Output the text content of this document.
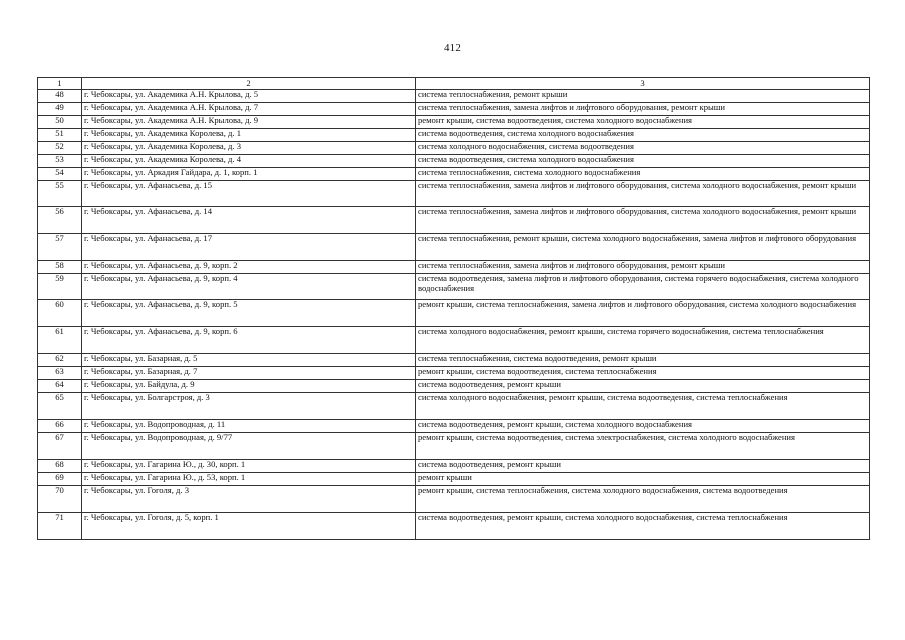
412
1	2	3
48	г. Чебоксары, ул. Академика А.Н. Крылова, д. 5	система теплоснабжения, ремонт крыши
49	г. Чебоксары, ул. Академика А.Н. Крылова, д. 7	система теплоснабжения, замена лифтов и лифтового оборудования, ремонт крыши
50	г. Чебоксары, ул. Академика А.Н. Крылова, д. 9	ремонт крыши, система водоотведения, система холодного водоснабжения
51	г. Чебоксары, ул. Академика Королева, д. 1	система водоотведения, система холодного водоснабжения
52	г. Чебоксары, ул. Академика Королева, д. 3	система холодного водоснабжения, система водоотведения
53	г. Чебоксары, ул. Академика Королева, д. 4	система водоотведения, система холодного водоснабжения
54	г. Чебоксары, ул. Аркадия Гайдара, д. 1, корп. 1	система теплоснабжения, система холодного водоснабжения
55	г. Чебоксары, ул. Афанасьева, д. 15	система теплоснабжения, замена лифтов и лифтового оборудования, система холодного водоснабжения, ремонт крыши
56	г. Чебоксары, ул. Афанасьева, д. 14	система теплоснабжения, замена лифтов и лифтового оборудования, система холодного водоснабжения, ремонт крыши
57	г. Чебоксары, ул. Афанасьева, д. 17	система теплоснабжения, ремонт крыши, система холодного водоснабжения, замена лифтов и лифтового оборудования
58	г. Чебоксары, ул. Афанасьева, д. 9, корп. 2	система теплоснабжения, замена лифтов и лифтового оборудования, ремонт крыши
59	г. Чебоксары, ул. Афанасьева, д. 9, корп. 4	система водоотведения, замена лифтов и лифтового оборудования, система горячего водоснабжения, система холодного водоснабжения
60	г. Чебоксары, ул. Афанасьева, д. 9, корп. 5	ремонт крыши, система теплоснабжения, замена лифтов и лифтового оборудования, система холодного водоснабжения
61	г. Чебоксары, ул. Афанасьева, д. 9, корп. 6	система холодного водоснабжения, ремонт крыши, система горячего водоснабжения, система теплоснабжения
62	г. Чебоксары, ул. Базарная, д. 5	система теплоснабжения, система водоотведения, ремонт крыши
63	г. Чебоксары, ул. Базарная, д. 7	ремонт крыши, система водоотведения, система теплоснабжения
64	г. Чебоксары, ул. Байдула, д. 9	система водоотведения, ремонт крыши
65	г. Чебоксары, ул. Болгарстроя, д. 3	система холодного водоснабжения, ремонт крыши, система водоотведения, система теплоснабжения
66	г. Чебоксары, ул. Водопроводная, д. 11	система водоотведения, ремонт крыши, система холодного водоснабжения
67	г. Чебоксары, ул. Водопроводная, д. 9/77	ремонт крыши, система водоотведения, система электроснабжения, система холодного водоснабжения
68	г. Чебоксары, ул. Гагарина Ю., д. 30, корп. 1	система водоотведения, ремонт крыши
69	г. Чебоксары, ул. Гагарина Ю., д. 53, корп. 1	ремонт крыши
70	г. Чебоксары, ул. Гоголя, д. 3	ремонт крыши, система теплоснабжения, система холодного водоснабжения, система водоотведения
71	г. Чебоксары, ул. Гоголя, д. 5, корп. 1	система водоотведения, ремонт крыши, система холодного водоснабжения, система теплоснабжения
